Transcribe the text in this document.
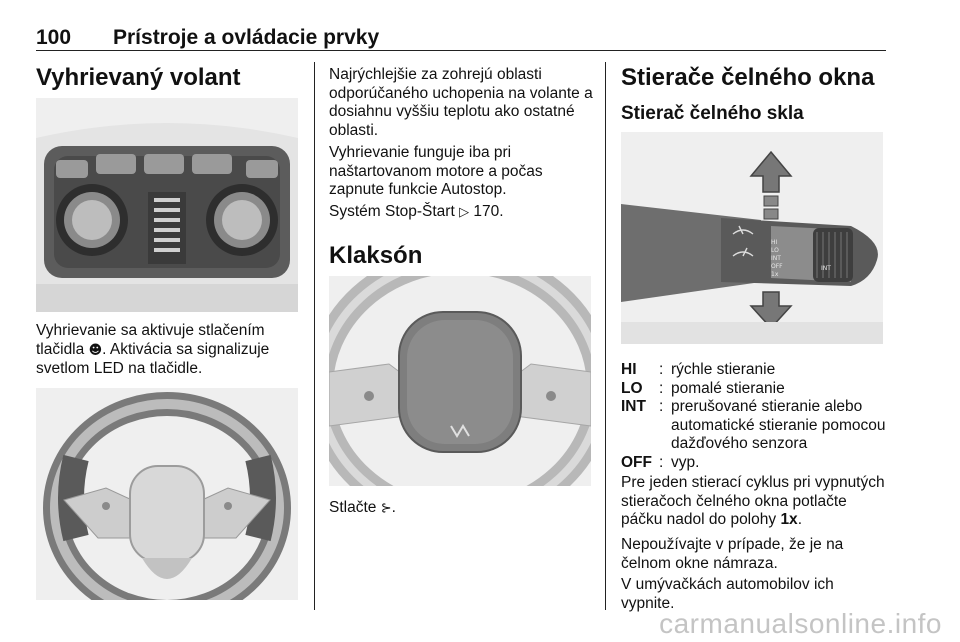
100 Prístroje a ovládacie prvky
Vyhrievaný volant

Vyhrievanie sa aktivuje stlačením tlačidla ☻. Aktivácia sa signalizuje svetlom LED na tlačidle.

Najrýchlejšie za zohrejú oblasti odporúčaného uchopenia na volante a dosiahnu vyššiu teplotu ako ostatné oblasti.

Vyhrievanie funguje iba pri naštartovanom motore a počas zapnute funkcie Autostop.

Systém Stop-Štart ▷ 170.

Klaksón

Stlačte ⊱.

Stierače čelného okna
Stierač čelného skla
HI
LO
INT
OFF
1x
INT
HI	: rýchle stieranie
LO	: pomalé stieranie
INT : prerušované stieranie alebo automatické stieranie pomocou dažďového senzora
OFF : vyp.

Pre jeden stierací cyklus pri vypnutých stieračoch čelného okna potlačte páčku nadol do polohy 1x.

Nepoužívajte v prípade, že je na čelnom okne námraza.

V umývačkách automobilov ich vypnite.

carmanualsonline.info
